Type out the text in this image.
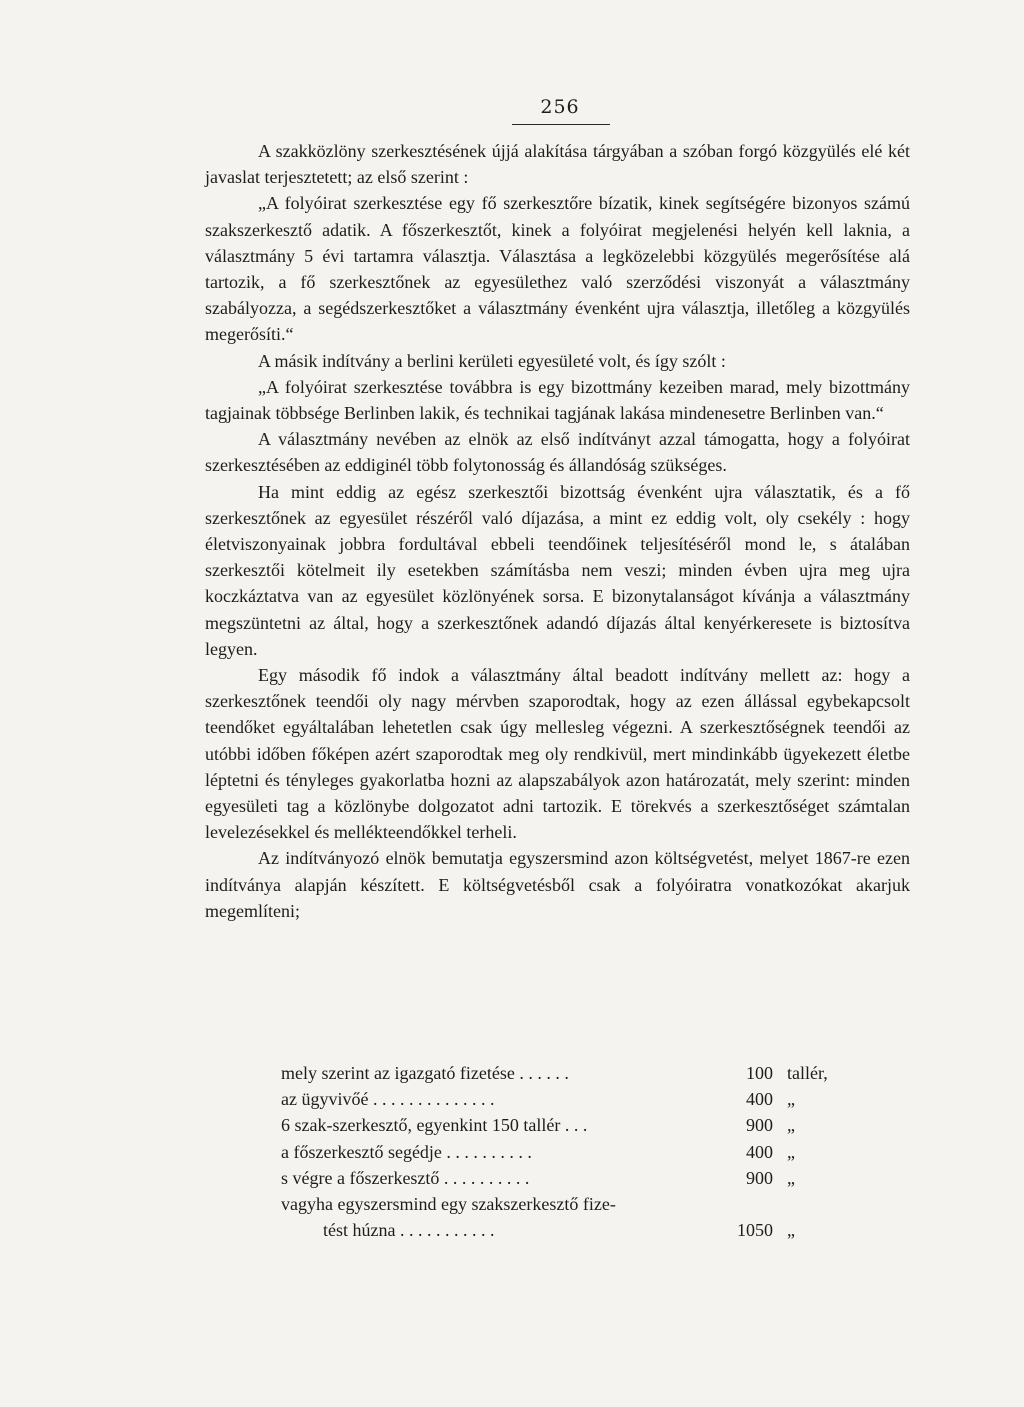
256

A szakközlöny szerkesztésének újjá alakítása tárgyában a szóban forgó közgyülés elé két javaslat terjesztetett; az első szerint :

„A folyóirat szerkesztése egy fő szerkesztőre bízatik, kinek segítségére bizonyos számú szakszerkesztő adatik. A főszerkesztőt, kinek a folyóirat megjelenési helyén kell laknia, a választmány 5 évi tartamra választja. Választása a legközelebbi közgyülés megerősítése alá tartozik, a fő szerkesztőnek az egyesülethez való szerződési viszonyát a választmány szabályozza, a segédszerkesztőket a választmány évenként ujra választja, illetőleg a közgyülés megerősíti.“

A másik indítvány a berlini kerületi egyesületé volt, és így szólt :

„A folyóirat szerkesztése továbbra is egy bizottmány kezeiben marad, mely bizottmány tagjainak többsége Berlinben lakik, és technikai tagjának lakása mindenesetre Berlinben van.“

A választmány nevében az elnök az első indítványt azzal támogatta, hogy a folyóirat szerkesztésében az eddiginél több folytonosság és állandóság szükséges.

Ha mint eddig az egész szerkesztői bizottság évenként ujra választatik, és a fő szerkesztőnek az egyesület részéről való díjazása, a mint ez eddig volt, oly csekély : hogy életviszonyainak jobbra fordultával ebbeli teendőinek teljesítéséről mond le, s átalában szerkesztői kötelmeit ily esetekben számításba nem veszi; minden évben ujra meg ujra koczkáztatva van az egyesület közlönyének sorsa. E bizonytalanságot kívánja a választmány megszüntetni az által, hogy a szerkesztőnek adandó díjazás által kenyérkeresete is biztosítva legyen.

Egy második fő indok a választmány által beadott indítvány mellett az: hogy a szerkesztőnek teendői oly nagy mérvben szaporodtak, hogy az ezen állással egybekapcsolt teendőket egyáltalában lehetetlen csak úgy mellesleg végezni. A szerkesztőségnek teendői az utóbbi időben főképen azért szaporodtak meg oly rendkivül, mert mindinkább ügyekezett életbe léptetni és tényleges gyakorlatba hozni az alapszabályok azon határozatát, mely szerint: minden egyesületi tag a közlönybe dolgozatot adni tartozik. E törekvés a szerkesztőséget számtalan levelezésekkel és mellékteendőkkel terheli.

Az indítványozó elnök bemutatja egyszersmind azon költségvetést, melyet 1867-re ezen indítványa alapján készített. E költségvetésből csak a folyóiratra vonatkozókat akarjuk megemlíteni;

mely szerint az igazgató fizetése . . . . . .	100 tallér,
az ügyvivőé . . . . . . . . . . . . . .	400 „
6 szak-szerkesztő, egyenkint 150 tallér . . .	900 „
a főszerkesztő segédje . . . . . . . . . .	400 „
s végre a főszerkesztő . . . . . . . . . .	900 „
vagyha egyszersmind egy szakszerkesztő fize-
tést húzna . . . . . . . . . . .	1050 „
